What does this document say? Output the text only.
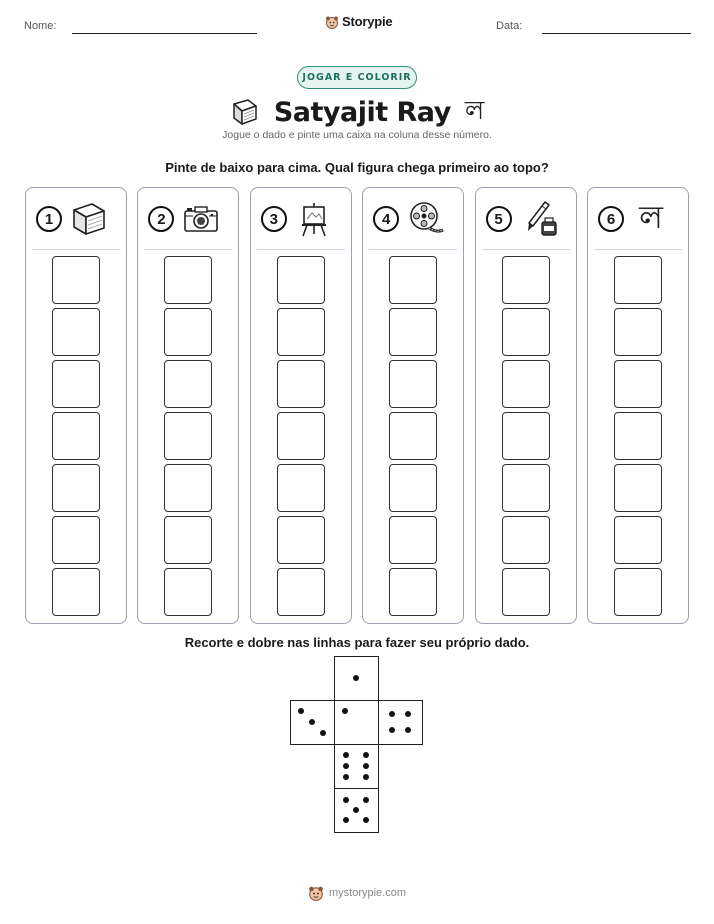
Nome:	Storypie	Data:
JOGAR E COLORIR
Satyajit Ray ল
Jogue o dado e pinte uma caixa na coluna desse número.
Pinte de baixo para cima. Qual figura chega primeiro ao topo?
1	2	3	4	5	6 ল
Recorte e dobre nas linhas para fazer seu próprio dado.
mystorypie.com
